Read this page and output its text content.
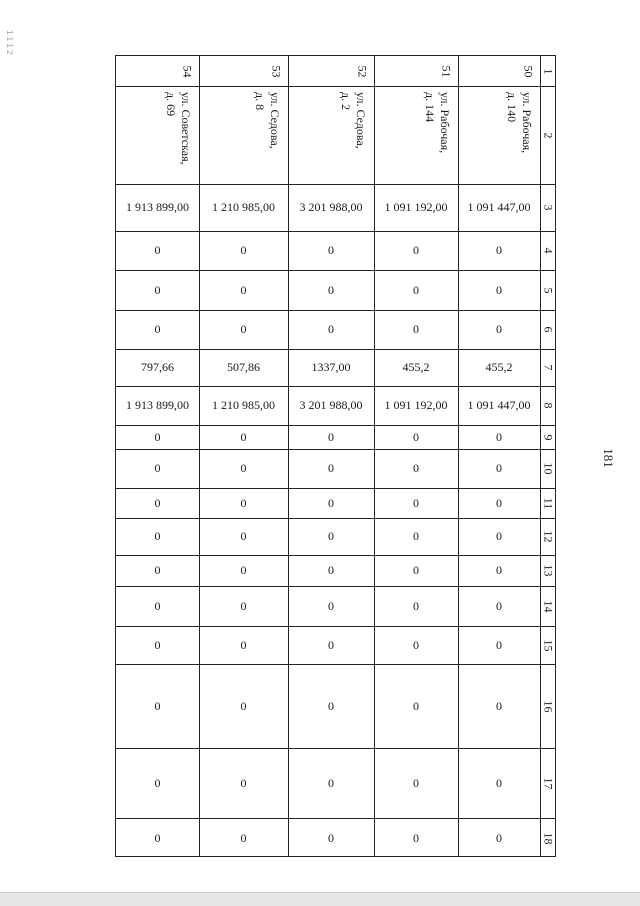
1 1 1 2
181
1
2
50
ул. Рабочая,
д. 140
1 091 447,00
0
0
0
455,2
1 091 447,00
0
0
0
0
0
0
0
0
0
0
51
ул. Рабочая,
д. 144
1 091 192,00
0
0
0
455,2
1 091 192,00
0
0
0
0
0
0
0
0
0
0
52
ул. Седова,
д. 2
3 201 988,00
0
0
0
1337,00
3 201 988,00
0
0
0
0
0
0
0
0
0
0
53
ул. Седова,
д. 8
1 210 985,00
0
0
0
507,86
1 210 985,00
0
0
0
0
0
0
0
0
0
0
54
ул. Советская,
д. 69
1 913 899,00
0
0
0
797,66
1 913 899,00
0
0
0
0
0
0
0
0
0
0
3
4
5
6
7
8
9
10
11
12
13
14
15
16
17
18
